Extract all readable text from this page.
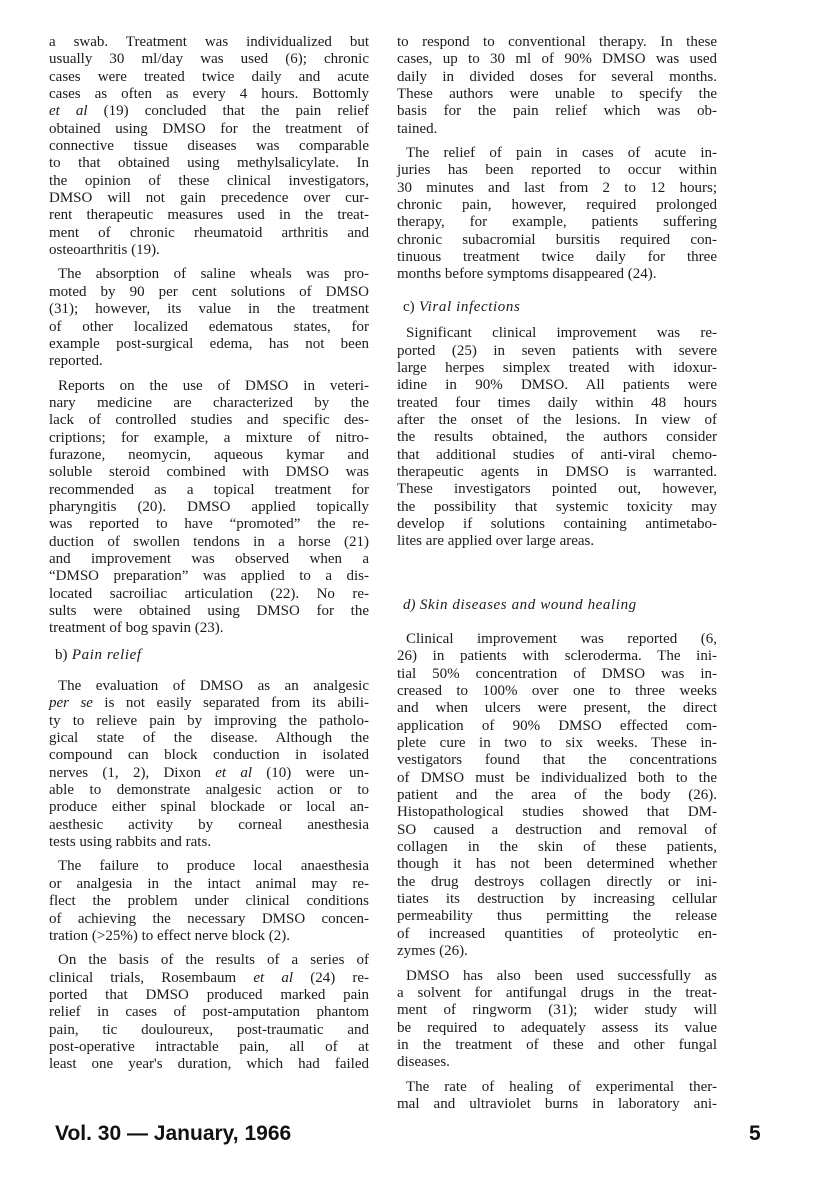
a swab. Treatment was individualized but
usually 30 ml/day was used (6); chronic
cases were treated twice daily and acute
cases as often as every 4 hours. Bottomly
et al (19) concluded that the pain relief
obtained using DMSO for the treatment of
connective tissue diseases was comparable
to that obtained using methylsalicylate. In
the opinion of these clinical investigators,
DMSO will not gain precedence over cur-
rent therapeutic measures used in the treat-
ment of chronic rheumatoid arthritis and
osteoarthritis (19).
The absorption of saline wheals was pro-
moted by 90 per cent solutions of DMSO
(31); however, its value in the treatment
of other localized edematous states, for
example post-surgical edema, has not been
reported.
Reports on the use of DMSO in veteri-
nary medicine are characterized by the
lack of controlled studies and specific des-
criptions; for example, a mixture of nitro-
furazone, neomycin, aqueous kymar and
soluble steroid combined with DMSO was
recommended as a topical treatment for
pharyngitis (20). DMSO applied topically
was reported to have “promoted” the re-
duction of swollen tendons in a horse (21)
and improvement was observed when a
“DMSO preparation” was applied to a dis-
located sacroiliac articulation (22). No re-
sults were obtained using DMSO for the
treatment of bog spavin (23).
b) Pain relief
The evaluation of DMSO as an analgesic
per se is not easily separated from its abili-
ty to relieve pain by improving the patholo-
gical state of the disease. Although the
compound can block conduction in isolated
nerves (1, 2), Dixon et al (10) were un-
able to demonstrate analgesic action or to
produce either spinal blockade or local an-
aesthesic activity by corneal anesthesia
tests using rabbits and rats.
The failure to produce local anaesthesia
or analgesia in the intact animal may re-
flect the problem under clinical conditions
of achieving the necessary DMSO concen-
tration (>25%) to effect nerve block (2).
On the basis of the results of a series of
clinical trials, Rosembaum et al (24) re-
ported that DMSO produced marked pain
relief in cases of post-amputation phantom
pain, tic douloureux, post-traumatic and
post-operative intractable pain, all of at
least one year's duration, which had failed
to respond to conventional therapy. In these
cases, up to 30 ml of 90% DMSO was used
daily in divided doses for several months.
These authors were unable to specify the
basis for the pain relief which was ob-
tained.
The relief of pain in cases of acute in-
juries has been reported to occur within
30 minutes and last from 2 to 12 hours;
chronic pain, however, required prolonged
therapy, for example, patients suffering
chronic subacromial bursitis required con-
tinuous treatment twice daily for three
months before symptoms disappeared (24).
c) Viral infections
Significant clinical improvement was re-
ported (25) in seven patients with severe
large herpes simplex treated with idoxur-
idine in 90% DMSO. All patients were
treated four times daily within 48 hours
after the onset of the lesions. In view of
the results obtained, the authors consider
that additional studies of anti-viral chemo-
therapeutic agents in DMSO is warranted.
These investigators pointed out, however,
the possibility that systemic toxicity may
develop if solutions containing antimetabo-
lites are applied over large areas.
d) Skin diseases and wound healing
Clinical improvement was reported (6,
26) in patients with scleroderma. The ini-
tial 50% concentration of DMSO was in-
creased to 100% over one to three weeks
and when ulcers were present, the direct
application of 90% DMSO effected com-
plete cure in two to six weeks. These in-
vestigators found that the concentrations
of DMSO must be individualized both to the
patient and the area of the body (26).
Histopathological studies showed that DM-
SO caused a destruction and removal of
collagen in the skin of these patients,
though it has not been determined whether
the drug destroys collagen directly or ini-
tiates its destruction by increasing cellular
permeability thus permitting the release
of increased quantities of proteolytic en-
zymes (26).
DMSO has also been used successfully as
a solvent for antifungal drugs in the treat-
ment of ringworm (31); wider study will
be required to adequately assess its value
in the treatment of these and other fungal
diseases.
The rate of healing of experimental ther-
mal and ultraviolet burns in laboratory ani-
Vol. 30 — January, 1966	5
